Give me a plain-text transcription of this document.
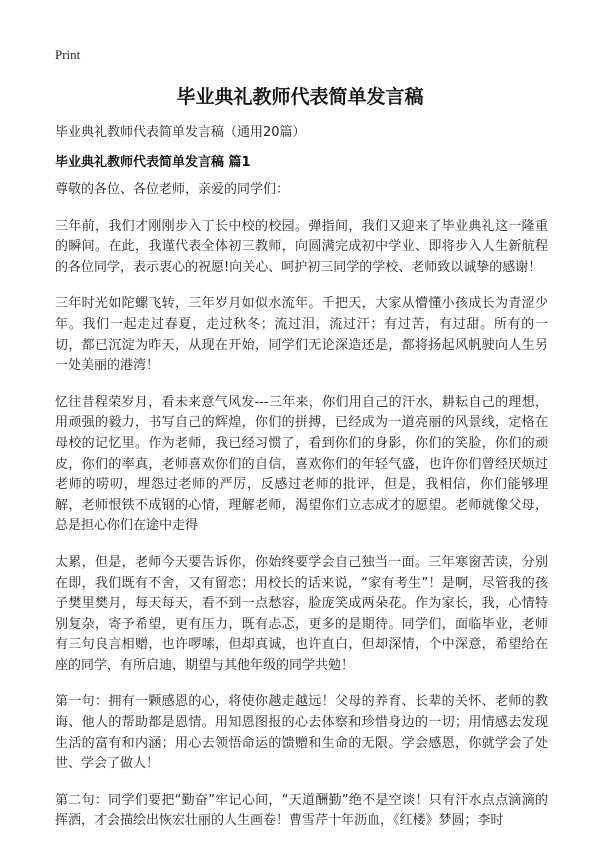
Print
毕业典礼教师代表简单发言稿
毕业典礼教师代表简单发言稿（通用20篇）
毕业典礼教师代表简单发言稿 篇1

尊敬的各位、各位老师，亲爱的同学们：

三年前，我们才刚刚步入丁长中校的校园。弹指间，我们又迎来了毕业典礼这一隆重的瞬间。在此，我谨代表全体初三教师，向圆满完成初中学业、即将步入人生新航程的各位同学，表示衷心的祝愿!向关心、呵护初三同学的学校、老师致以诚挚的感谢！

三年时光如陀螺飞转，三年岁月如似水流年。千把天，大家从懵懂小孩成长为青涩少年。我们一起走过春夏，走过秋冬；流过泪，流过汗；有过苦，有过甜。所有的一切，都已沉淀为昨天，从现在开始，同学们无论深造还是，都将扬起风帆驶向人生另一处美丽的港湾！

忆往昔程荣岁月，看未来意气风发---三年来，你们用自己的汗水，耕耘自己的理想，用顽强的毅力，书写自己的辉煌，你们的拼搏，已经成为一道亮丽的风景线，定格在母校的记忆里。作为老师，我已经习惯了，看到你们的身影，你们的笑脸，你们的顽皮，你们的率真，老师喜欢你们的自信，喜欢你们的年轻气盛，也许你们曾经厌烦过老师的唠叨，埋怨过老师的严厉，反感过老师的批评，但是，我相信，你们能够理解，老师恨铁不成钢的心情，理解老师，渴望你们立志成才的愿望。老师就像父母，总是担心你们在途中走得

太累，但是，老师今天要告诉你，你始终要学会自己独当一面。三年寒窗苦读，分别在即，我们既有不舍，又有留恋；用校长的话来说，“家有考生”！是啊，尽管我的孩子樊里樊月，每天每天，看不到一点愁容，脸庞笑成两朵花。作为家长，我，心情特别复杂，寄予希望，更有压力，既有忐忑，更多的是期待。同学们，面临毕业，老师有三句良言相赠，也许啰嗦，但却真诚，也许直白，但却深情，个中深意，希望给在座的同学，有所启迪，期望与其他年级的同学共勉！

第一句：拥有一颗感恩的心，将使你越走越远！父母的养育、长辈的关怀、老师的教诲、他人的帮助都是恩情。用知恩图报的心去体察和珍惜身边的一切；用情感去发现生活的富有和内涵；用心去领悟命运的馈赠和生命的无限。学会感恩，你就学会了处世、学会了做人！

第二句：同学们要把“勤奋”牢记心间，“天道酬勤”绝不是空谈！只有汗水点点滴滴的挥洒，才会描绘出恢宏壮丽的人生画卷！曹雪芹十年沥血，《红楼》梦圆；李时
